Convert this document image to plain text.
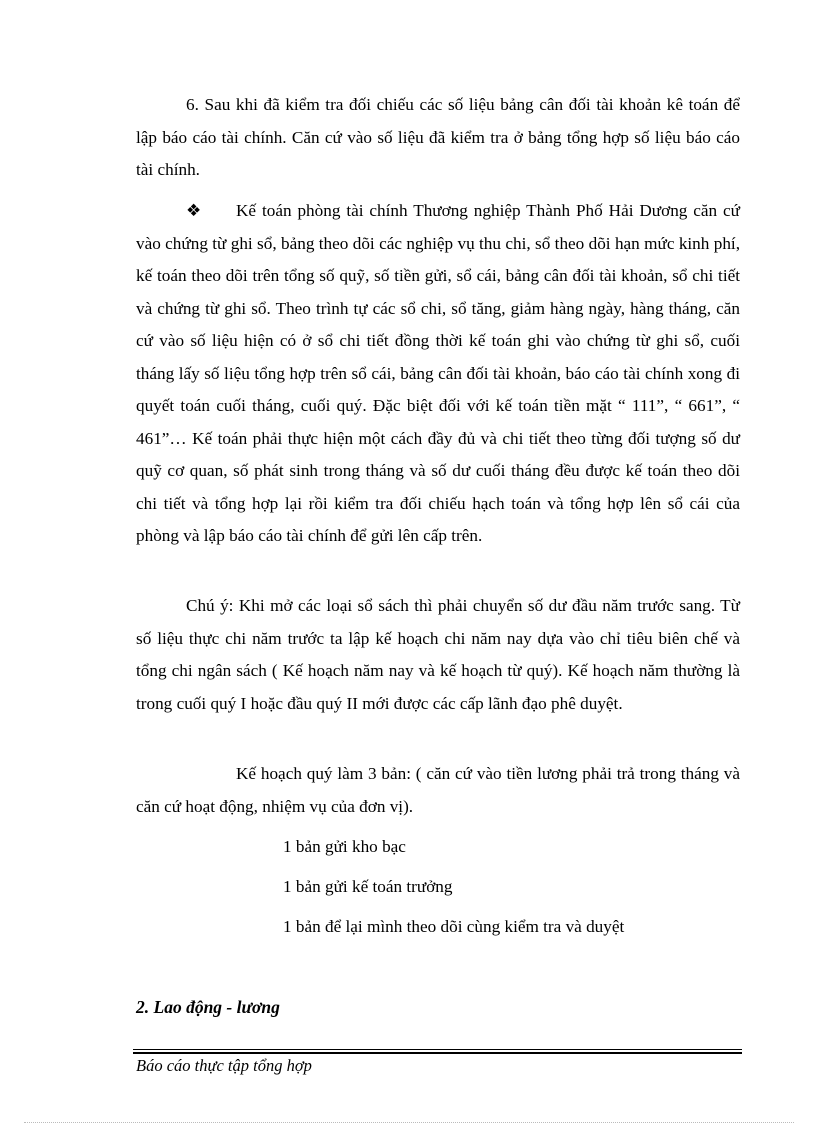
6. Sau khi đã kiểm tra đối chiếu các số liệu bảng cân đối tài khoản kê toán để lập báo cáo tài chính. Căn cứ vào số liệu đã kiểm tra ở bảng tổng hợp số liệu báo cáo tài chính.

❖	Kế toán phòng tài chính Thương nghiệp Thành Phố Hải Dương căn cứ vào chứng từ ghi sổ, bảng theo dõi các nghiệp vụ thu chi, sổ theo dõi hạn mức kinh phí, kế toán theo dõi trên tổng số quỹ, số tiền gửi, sổ cái, bảng cân đối tài khoản, sổ chi tiết và chứng từ ghi sổ. Theo trình tự các sổ chi, sổ tăng, giảm hàng ngày, hàng tháng, căn cứ vào số liệu hiện có ở sổ chi tiết đồng thời kế toán ghi vào chứng từ ghi sổ, cuối tháng lấy số liệu tổng hợp trên sổ cái, bảng cân đối tài khoản, báo cáo tài chính xong đi quyết toán cuối tháng, cuối quý. Đặc biệt đối với kế toán tiền mặt “ 111”, “ 661”, “ 461”… Kế toán phải thực hiện một cách đầy đủ và chi tiết theo từng đối tượng số dư quỹ cơ quan, số phát sinh trong tháng và số dư cuối tháng đều được kế toán theo dõi chi tiết và tổng hợp lại rồi kiểm tra đối chiếu hạch toán và tổng hợp lên sổ cái của phòng và lập báo cáo tài chính để gửi lên cấp trên.

Chú ý: Khi mở các loại sổ sách thì phải chuyển số dư đầu năm trước sang. Từ số liệu thực chi năm trước ta lập kế hoạch chi năm nay dựa vào chỉ tiêu biên chế và tổng chi ngân sách ( Kế hoạch năm nay và kế hoạch từ quý). Kế hoạch năm thường là trong cuối quý I hoặc đầu quý II mới được các cấp lãnh đạo phê duyệt.

Kế hoạch quý làm 3 bản: ( căn cứ vào tiền lương phải trả trong tháng và căn cứ hoạt động, nhiệm vụ của đơn vị).

1 bản gửi kho bạc

1 bản gửi kế toán trưởng

1 bản để lại mình theo dõi cùng kiểm tra và duyệt

2. Lao động - lương

Báo cáo thực tập tổng hợp
